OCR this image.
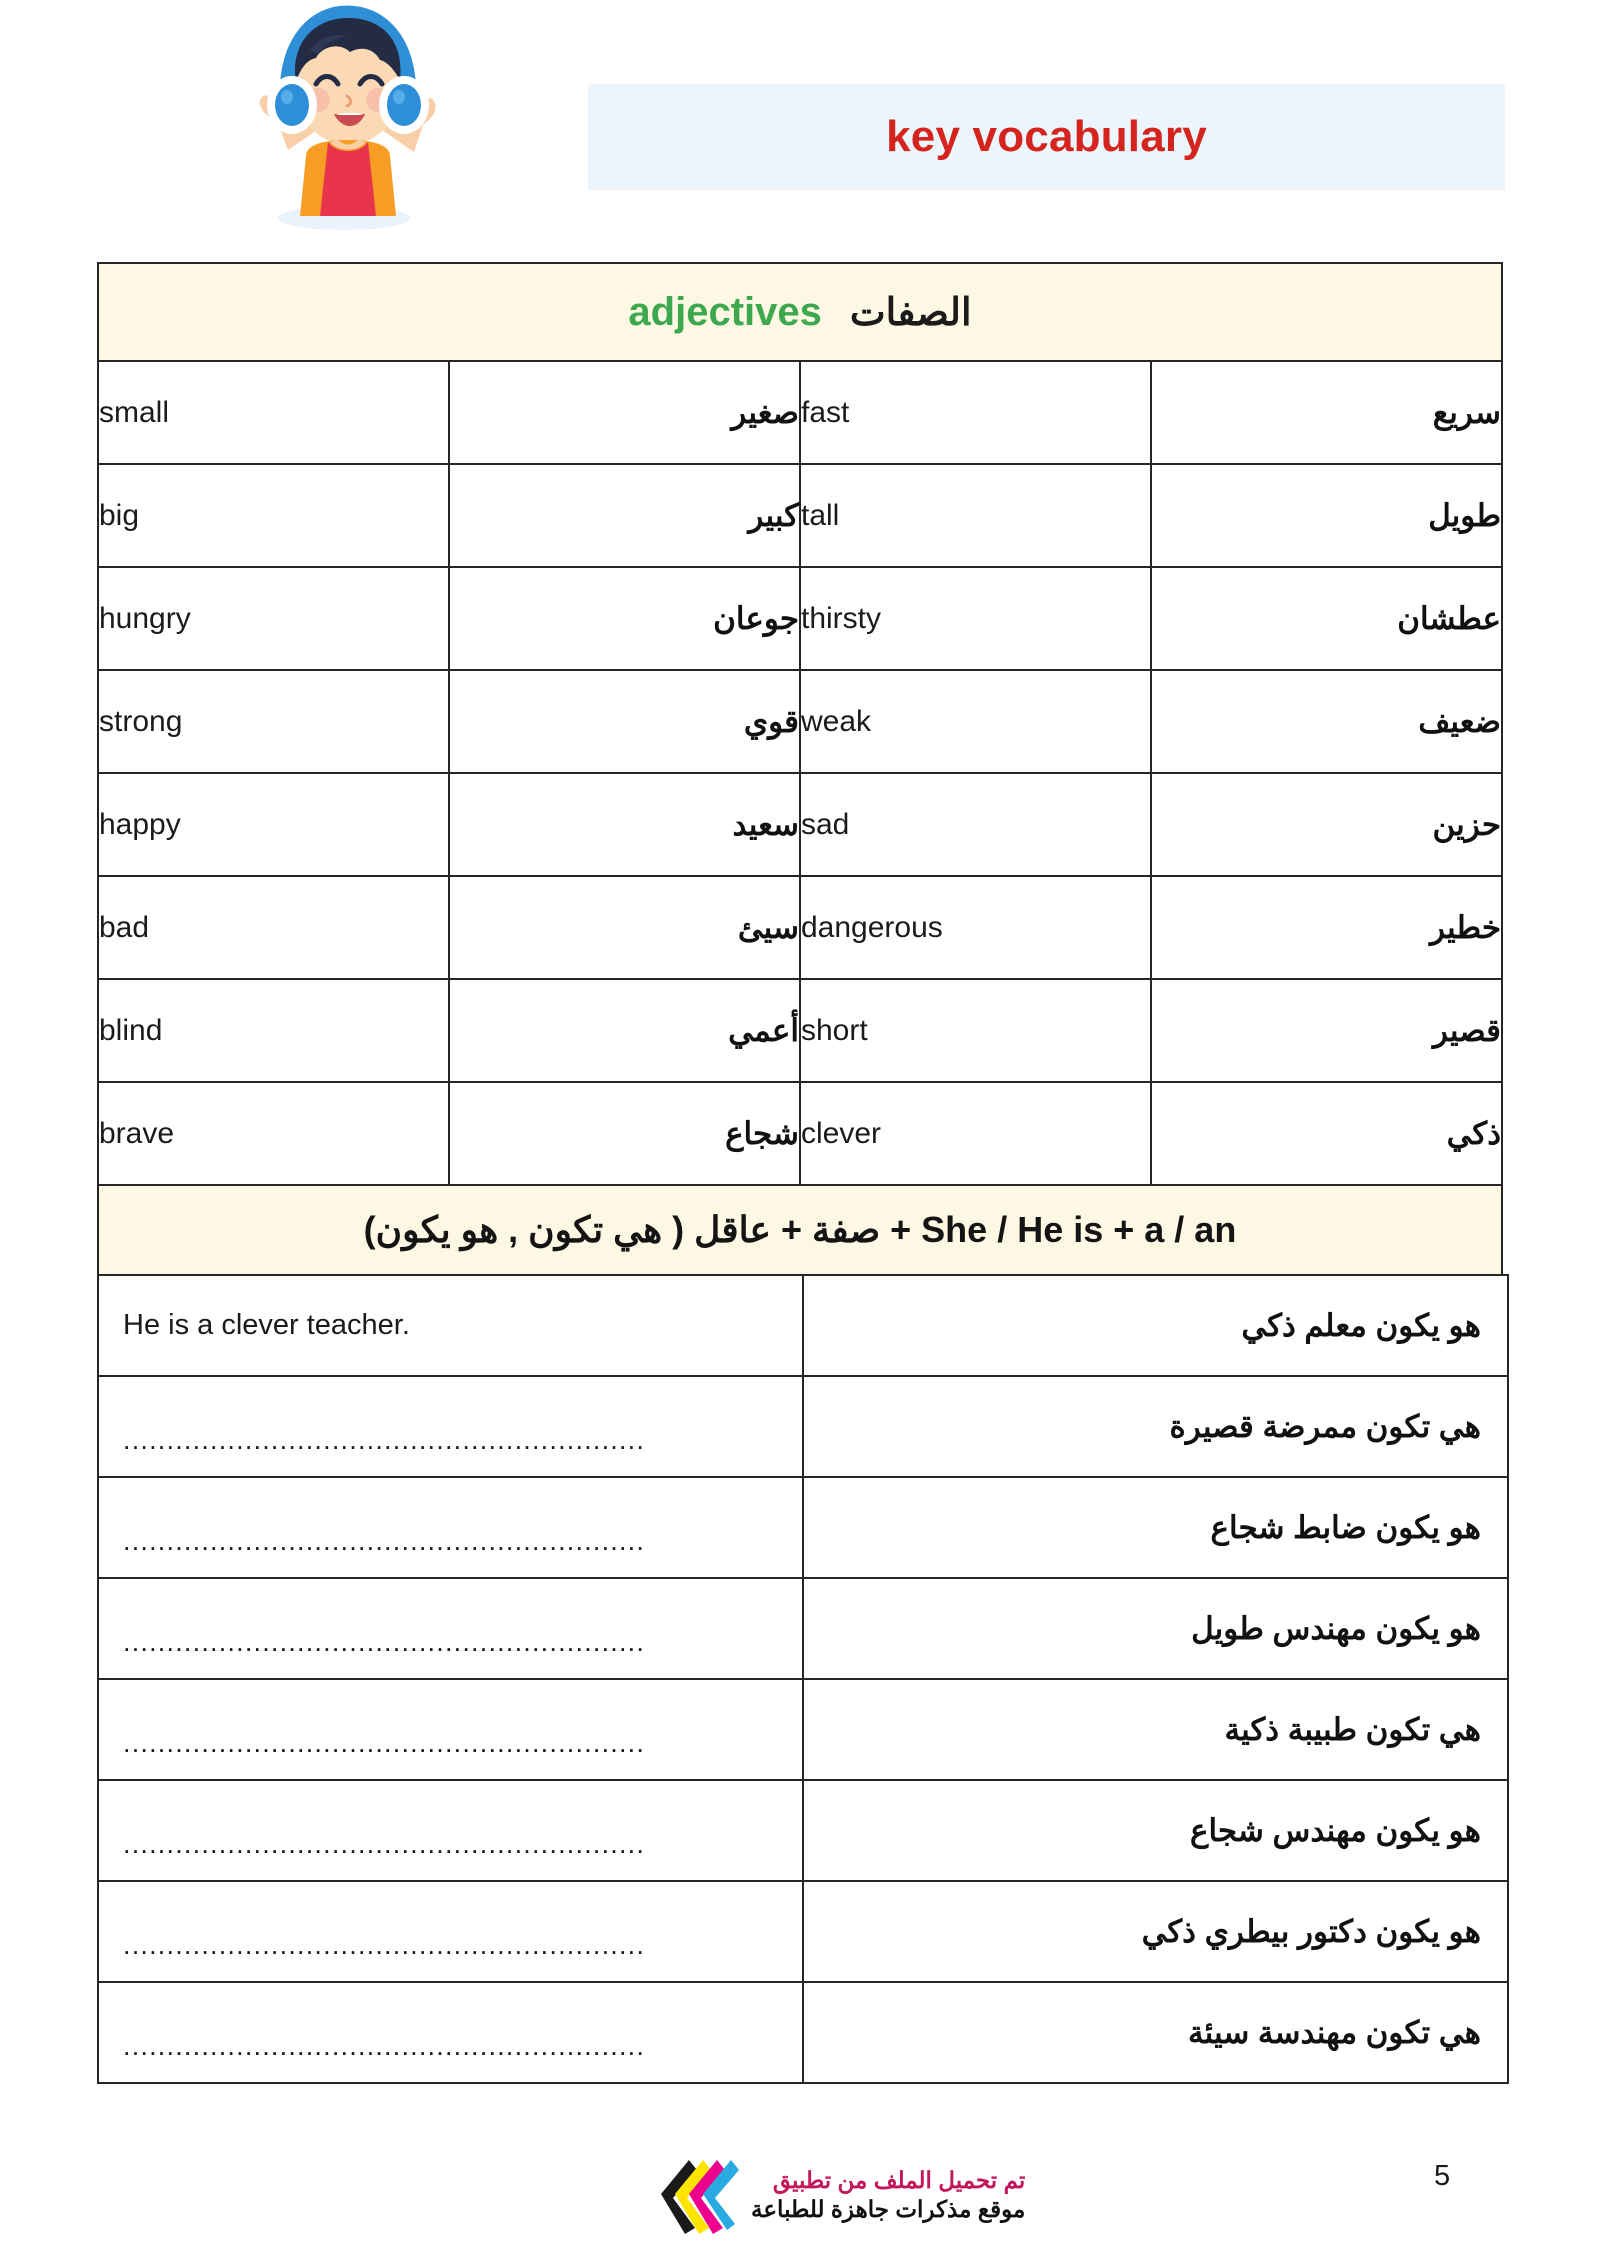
key vocabulary
adjectives الصفات			

small	صغير	fast	سريع
big	كبير	tall	طويل
hungry	جوعان	thirsty	عطشان
strong	قوي	weak	ضعيف
happy	سعيد	sad	حزين
bad	سيئ	dangerous	خطير
blind	أعمي	short	قصير
brave	شجاع	clever	ذكي
She / He is + a / an + صفة + عاقل ( هي تكون , هو يكون)			
He is a clever teacher.	هو يكون معلم ذكي

............................................................	هي تكون ممرضة قصيرة

............................................................	هو يكون ضابط شجاع

............................................................	هو يكون مهندس طويل

............................................................	هي تكون طبيبة ذكية

............................................................	هو يكون مهندس شجاع

............................................................	هو يكون دكتور بيطري ذكي

............................................................	هي تكون مهندسة سيئة
تم تحميل الملف من تطبيق
موقع مذكرات جاهزة للطباعة
5
